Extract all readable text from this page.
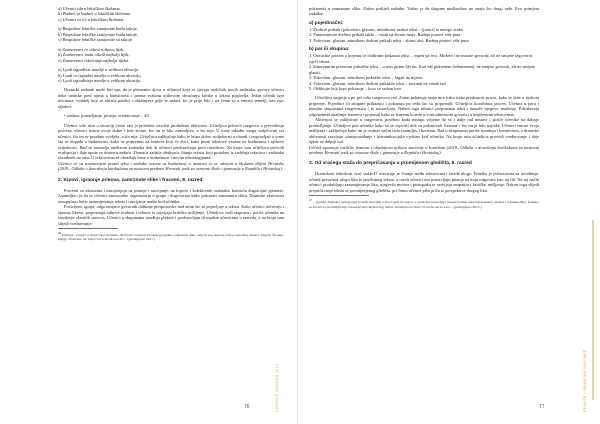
a) Učenici idu u lektičkim školama.

b) Budući se budući u lektičkim školama.

c) Učenici će ići u lektičkim školama.

a) Bespoštne lektičke zamijenite budu takoje.

b) Bespoštne lektičke zamijenite budu takoje.

c) Bespoštne lektičke zamijenite su takoje.

a) Znanovenci će otkriti njihovu lijek.

b) Znanovenci budu otkrili najbolji lijek.

c) Znanovenci otkrivanje najbolja lijeka.

a) Ljudi izgrađivat naselje u velikom akvariju.

b) Ljudi će izgraditi naselje u velikom akvariju.

c) Ljudi izgrađivaju naselje u velikom akvariju.

Dramski zadatak može biti upr, da je plemenita djeca u učionici koja se sjećaju različitih novih zadataka, govore učenici neke zadatke pred njima u budućnosti i prema svakom njihovom shvaćanju kritike u tekstu poglavlja. Jedan učenik igra novinara, voditelj koji se obraća publici i objašnjava gdje se nalazi, što je prije bilo i na čemu se u emisiji temelji, kao npr. sljedeći:

• analiza, ponavljanje, pitanja, vrednovanje – 45'

Učenici više nisu u situaciji ćemu ako je potrebno završiti produženu aktivnost. Učiteljica pokreće razgovor o prevođenju procesa; učenici iznose svoje dobre i loše strane, što im je bilo zanimljivo, a što nije. U tome također mogu sudjelovati svi učenici, što im se posebno svidjelo, a što nije. Učiteljica zaključuje kako je bitno dobro sudjelovati u obradi i raspravljati o tome što se događa u budućnosti, kako se pripremiti za izazove koji će doći, kako pisati tekstove vezane uz budućnost i njihove vrijednosti. Rad se nastavlja analizom zadataka dok ih učenici predstavljaju pred razredom. Na kraju sata učiteljica provodi evaluaciju i daje upute za domaću zadaću. Domaća zadaća obuhvaća čitanje teksta, koji proizlazi iz sadržaja tekstova i zadataka obrađenih na satu. U tekstovima se obrađuju teme o budućnosti i novim tehnologijama.

Učenici će sa zanimanjem pratiti tekst i zadatke vezane uz budućnost, a nastava će se odvijati u školama diljem Hrvatske (2019., Odluka o donošenju kurikuluma za nastavni predmet Hrvatski jezik za osnovne škole i gimnazije u Republici Hrvatskoj).

2. Kipovi, igraonje prieova, zamrznute slike i fracemi, 8. razred

Fracemi su ukrasema i zamijenjuju uz pisanje i razvijanje, uz kipove i kolektivnih zadataka, kontrolu dugotrajne pjenaste. Zanimljivo je da se učenici samostalno organiziraju u grupe i dogovaraju kako prikazati zamrznutu sliku. Dramske aktivnosti omogućuju bolje razumijevanje teksta i razvijanje mašte kod učenika.

Pozicijom, igraju, odgovarajuće govornik oblikuje pretpostavke nad onim što se pojavljuje u tekstu. Kako učenici uočavaju i opisuju likove, prepoznaju njihove osobine i odnose te razvijaju kritičko mišljenje. Učiteljica vodi raspravu i potiče učenike na iznošenje vlastitih stavova. Učenici u skupinama izrađuju plakate i predstavljaju ih ostalim učenicima u razredu, a na kraju sata slijedi vrednovanje.

$^{46}$ Pričanje / svijetlo u nastavi kao dramske aktivnosti u nastavi hrvatskoga jezika, zamrznute slike i kipovi kao metoda rada u razrednoj nastavi, Zagreb, Školska knjiga. Dostupno na: http://www.hrcak.srce.hr/... (pristupljeno 2017.)

76	ZBORNIK RADOVA 2017

pokrenuti u zamrznute slike. Zatim podijeli zadatke. Važno je da skupine međusobno ne znaju što drugi rade. Evo primjera zadatka:

a) pojedinačni:

1. Dodirni prikaži (pokretom, glasom, mimikom) zadani tekst – (junici) iz mnogo zraka

2. Pantomimom dodirni prikaži lakše – ostati na životu moja. Radnju ponovi više puta.

3. Pokretom, glasom, mimikom dodirni prikaži tekst – zbirni oko. Radnju ponovi više puta.

b) par ili skupina:

1. Osmislite pričom o kojemu će dodirnim prikazati tekst – ospeti pa reci. Možete i ne morate govoriti, ali ne smijete izgovoriti riječi teksta.

2. Zamrznutim prizorom prikažite tekst – u tom grimu liži nu. Kad vaš pokrenem (odmrznem), ne smijete govoriti, ali ne smijete glasiti.

3. Pokretom, glasom, mimikom prikažite tekst – lagati na mjesec.

4. Pokretom, glasom, mimikom dodirni prikažite tekst – stavanti ne vanak lad

5. Oblikujte koji kopi pokazuje – kroz se sadam loro.

Učiteljica najprije s po pet odio razgovora rad. Zatim pokazuje smjernice kako treba predstaviti prizor, kako se drže u tijekom pripreme. Pojedinci ili skupine prikazuju i pokazuju po redu što su pripremili. Učiteljica koordinira proces. Učenici u paru i manjim skupinama razgovaraju i to nastavljaju. Nakon toga učenici prepoznaju tekst i tumače njegovo značenje. Pokušavaju odgonetnuti značenje frazema i pojasniti kako se frazemi koriste u svakodnevnom govoru i u književnim tekstovima.

Aktivnost se zaključuje u razgovoru, posebno kada nastupi vrijeme da se i dalje rad nastavi i potiče učenike na daljnje promišljanje. Učiteljica pita učenike kako su se osjećali dok su prikazivali frazeme i što im je bilo najteže. Učenici iznose svoja mišljenja i zaključuju kako im je ovakav način rada zanimljiv i koristan. Rad u skupinama potiče suradnju i kreativnost, a dramske aktivnosti razvijaju samopouzdanje i komunikacijske vještine kod učenika. Na kraju sata učiteljica provodi vrednovanje i daje upute za daljnji rad.

Učenik upoznaje različite frazeme i objašnjava njihovo značenje u kontekstu (2019., Odluka o donošenju kurikuluma za nastavni predmet Hrvatski jezik za osnovne škole i gimnazije u Republici Hrvatskoj).

3. Od vraćega staža do prepričavanja u promijenom glodišta, 8. razred

Dramskom tehnikom vruć stolac47 ostvaruje se čitanje među tekstovima i izrada uloga. Tehnika je jednostavna za izvođenje: učenik preuzima ulogu lika iz pročitanog teksta, a ostali učenici mu postavljaju pitanja na koja odgovara kao taj lik. Na taj način učenici produbljuju razumijevanje lika, njegovih motiva i postupaka te razvijaju empatiju i kritičko mišljenje. Nakon toga slijedi prepričavanje teksta iz promijenjenog gledišta, pri čemu učenici pišu priču iz perspektive drugog lika.

$^{47}$ ... (prema dramskoj pedagogiji) Učenik ili učitelj u ulozi sjedi na stolcu, a ostali mu postavljaju pitanja kojima otkrivaju karakter, motive i postupke lika. Tehnika se koristi za produbljivanje razumijevanja književnog teksta. Dostupno na: http://www.hrcak.srce.hr/... (pristupljeno 2017.)

77	PRAKSE I DRAMSKE NASTAVE
